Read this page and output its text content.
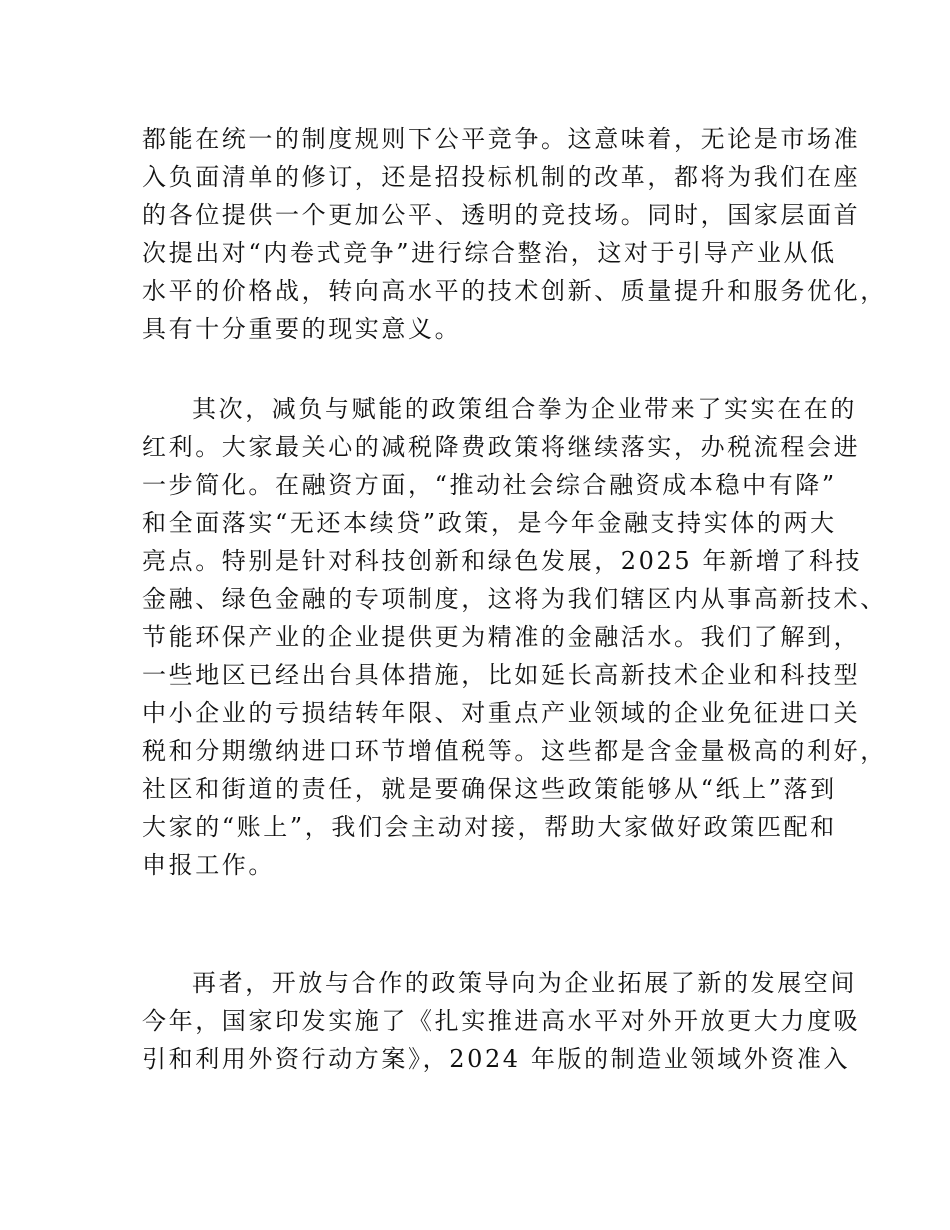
都能在统一的制度规则下公平竞争。这意味着，无论是市场准
入负面清单的修订，还是招投标机制的改革，都将为我们在座
的各位提供一个更加公平、透明的竞技场。同时，国家层面首
次提出对“内卷式竞争”进行综合整治，这对于引导产业从低
水平的价格战，转向高水平的技术创新、质量提升和服务优化，
具有十分重要的现实意义。
其次，减负与赋能的政策组合拳为企业带来了实实在在的
红利。大家最关心的减税降费政策将继续落实，办税流程会进
一步简化。在融资方面，“推动社会综合融资成本稳中有降”
和全面落实“无还本续贷”政策，是今年金融支持实体的两大
亮点。特别是针对科技创新和绿色发展，2025 年新增了科技
金融、绿色金融的专项制度，这将为我们辖区内从事高新技术、
节能环保产业的企业提供更为精准的金融活水。我们了解到，
一些地区已经出台具体措施，比如延长高新技术企业和科技型
中小企业的亏损结转年限、对重点产业领域的企业免征进口关
税和分期缴纳进口环节增值税等。这些都是含金量极高的利好，
社区和街道的责任，就是要确保这些政策能够从“纸上”落到
大家的“账上”，我们会主动对接，帮助大家做好政策匹配和
申报工作。
再者，开放与合作的政策导向为企业拓展了新的发展空间
今年，国家印发实施了《扎实推进高水平对外开放更大力度吸
引和利用外资行动方案》，2024 年版的制造业领域外资准入
